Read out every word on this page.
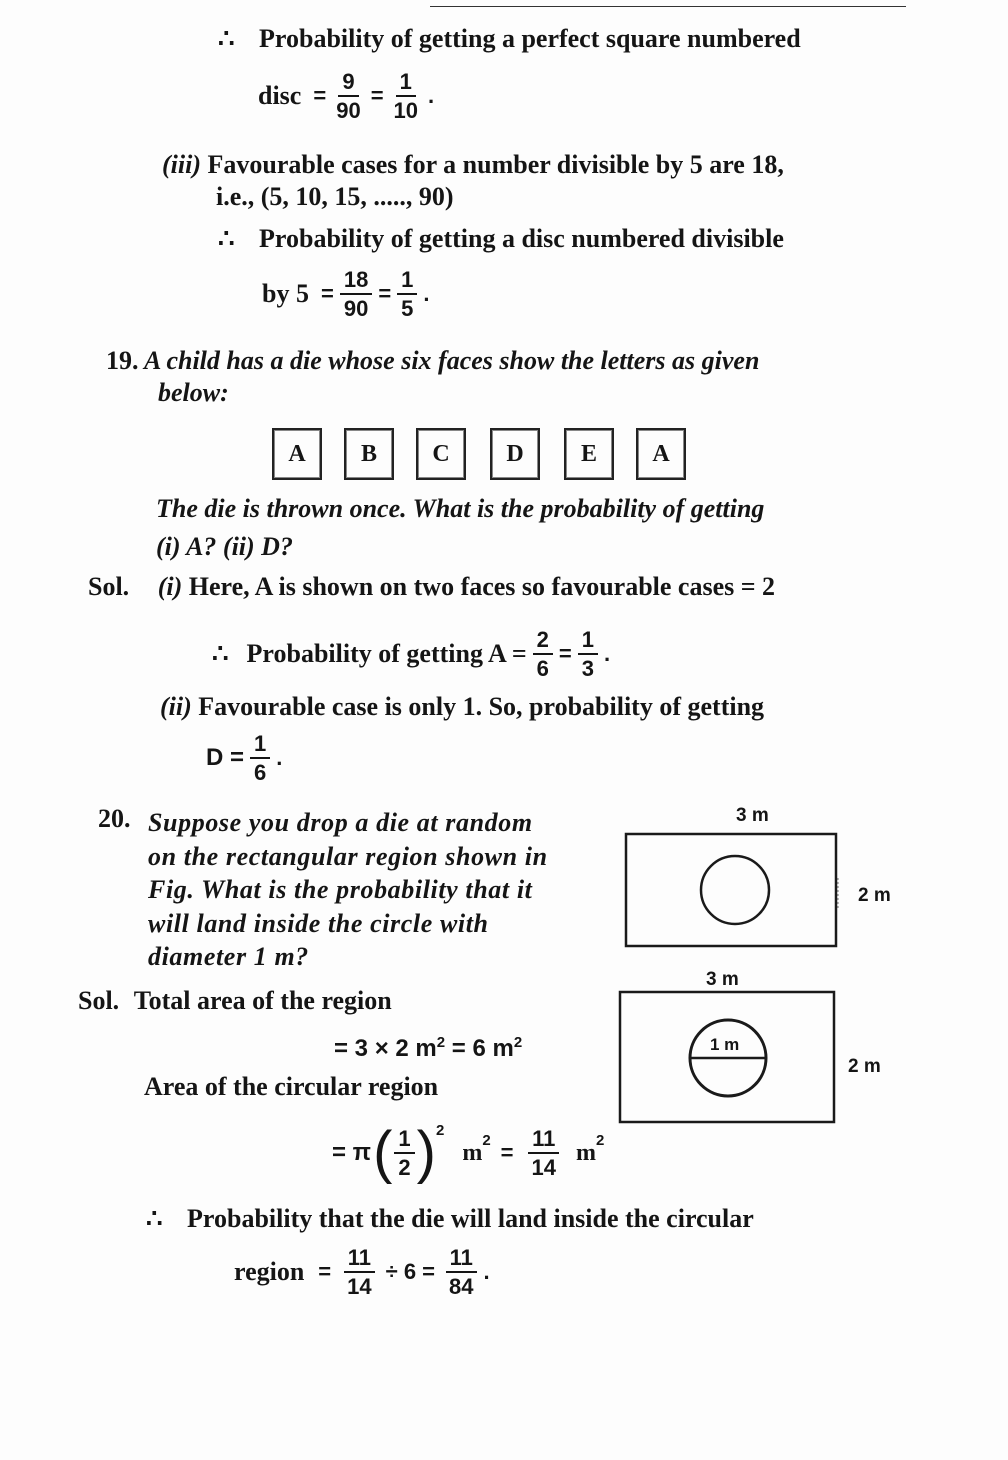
∴ Probability of getting a perfect square numbered
disc = $\frac{9}{90} = \frac{1}{10}$ .
(iii) Favourable cases for a number divisible by 5 are 18,
i.e., (5, 10, 15, ....., 90)
∴ Probability of getting a disc numbered divisible
by $5 = \frac{18}{90} = \frac{1}{5}$ .
19. A child has a die whose six faces show the letters as given
below:
A	B	C	D	E	A
The die is thrown once. What is the probability of getting
(i) A? (ii) D?
Sol. (i) Here, A is shown on two faces so favourable cases = 2
∴ Probability of getting $A = \frac{2}{6} = \frac{1}{3}$ .
(ii) Favourable case is only 1. So, probability of getting
$D = \frac{1}{6}$ .
20. Suppose you drop a die at random
on the rectangular region shown in
Fig. What is the probability that it
will land inside the circle with
diameter 1 m?
3 m
2 m
3 m
1 m
2 m
Sol. Total area of the region
= 3 × 2 $m^2 = 6$ $m^2$
Area of the circular region
= π ( $\frac{1}{2} )^2$
$m^2 = \frac{11}{14} m^2$
∴ Probability that the die will land inside the circular
region = $\frac{11}{14} \div 6 = \frac{11}{84}$ .
